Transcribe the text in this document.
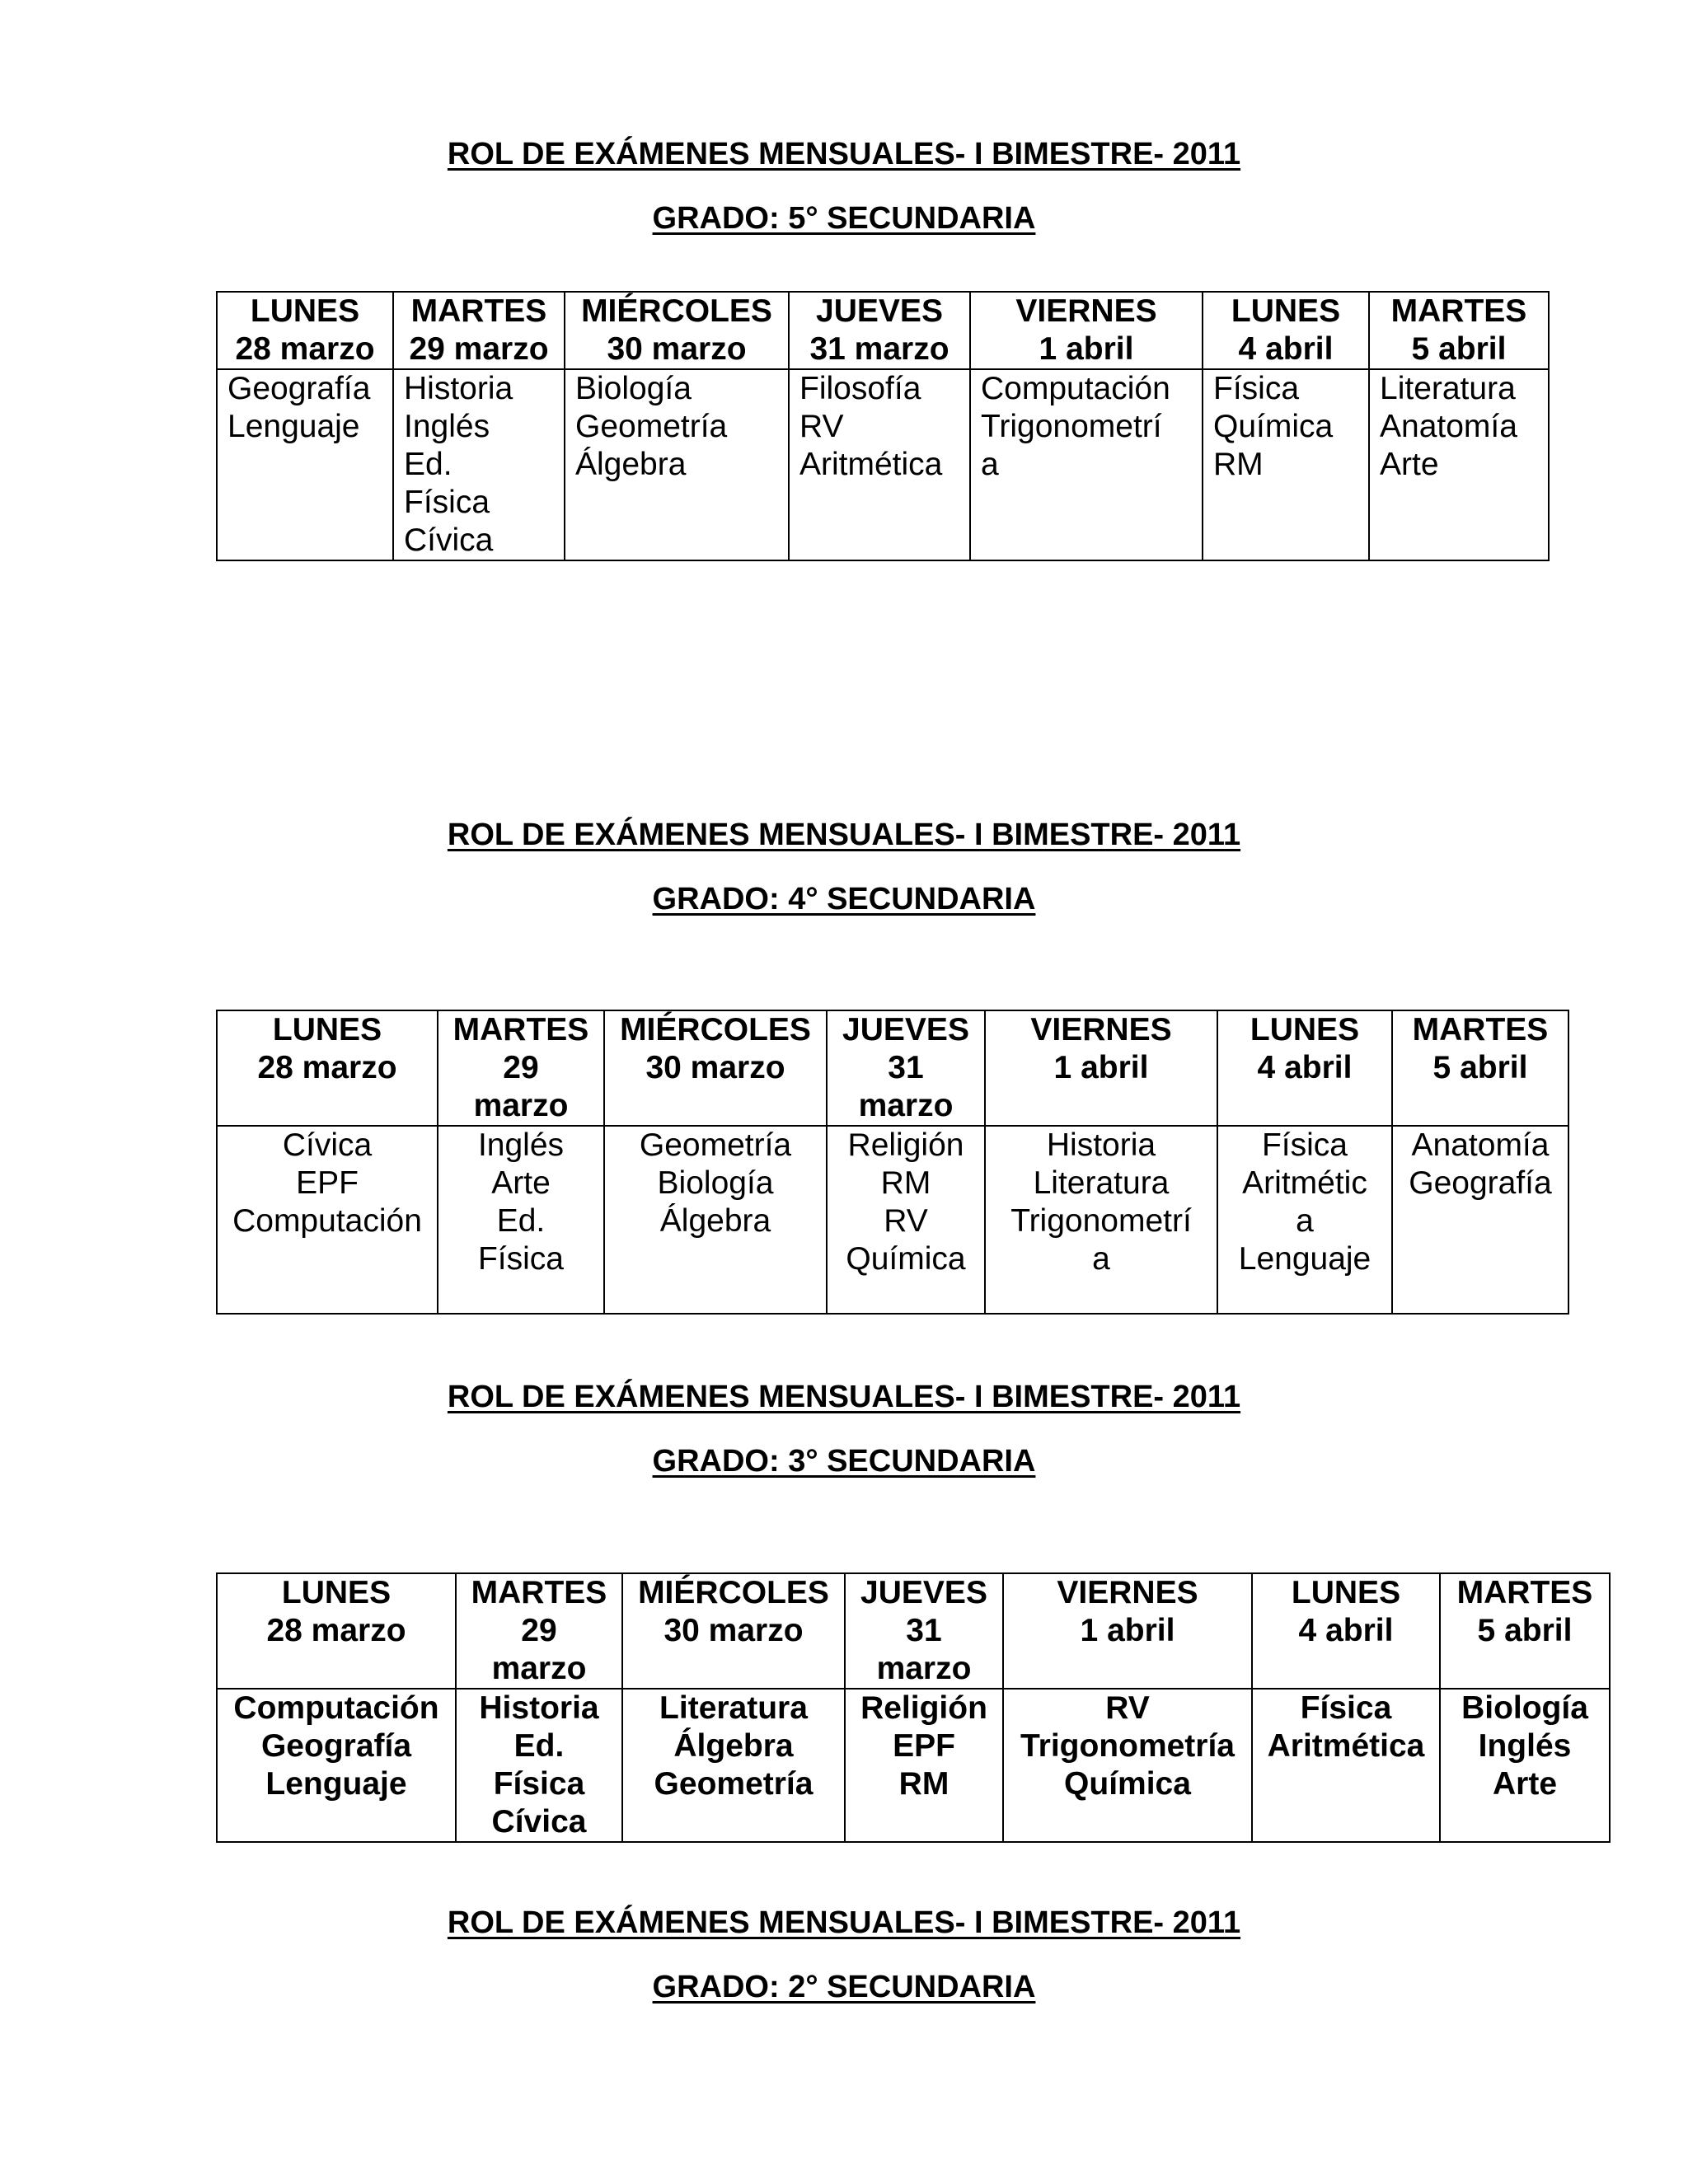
ROL DE EXÁMENES MENSUALES- I BIMESTRE- 2011

GRADO: 5° SECUNDARIA

LUNES
28 marzo	MARTES
29 marzo	MIÉRCOLES
30 marzo	JUEVES
31 marzo	VIERNES
1 abril	LUNES
4 abril	MARTES
5 abril

Geografía
Lenguaje	Historia
Inglés
Ed.
Física
Cívica	Biología
Geometría
Álgebra	Filosofía
RV
Aritmética	Computación
Trigonometrí
a	Física
Química
RM	Literatura
Anatomía
Arte

ROL DE EXÁMENES MENSUALES- I BIMESTRE- 2011

GRADO: 4° SECUNDARIA

LUNES
28 marzo	MARTES
29
marzo	MIÉRCOLES
30 marzo	JUEVES
31
marzo	VIERNES
1 abril	LUNES
4 abril	MARTES
5 abril

Cívica
EPF
Computación	Inglés
Arte
Ed.
Física	Geometría
Biología
Álgebra	Religión
RM
RV
Química	Historia
Literatura
Trigonometrí
a	Física
Aritmétic
a
Lenguaje	Anatomía
Geografía

ROL DE EXÁMENES MENSUALES- I BIMESTRE- 2011

GRADO: 3° SECUNDARIA

LUNES
28 marzo	MARTES
29
marzo	MIÉRCOLES
30 marzo	JUEVES
31
marzo	VIERNES
1 abril	LUNES
4 abril	MARTES
5 abril

Computación
Geografía
Lenguaje	Historia
Ed.
Física
Cívica	Literatura
Álgebra
Geometría	Religión
EPF
RM	RV
Trigonometría
Química	Física
Aritmética	Biología
Inglés
Arte

ROL DE EXÁMENES MENSUALES- I BIMESTRE- 2011

GRADO: 2° SECUNDARIA
